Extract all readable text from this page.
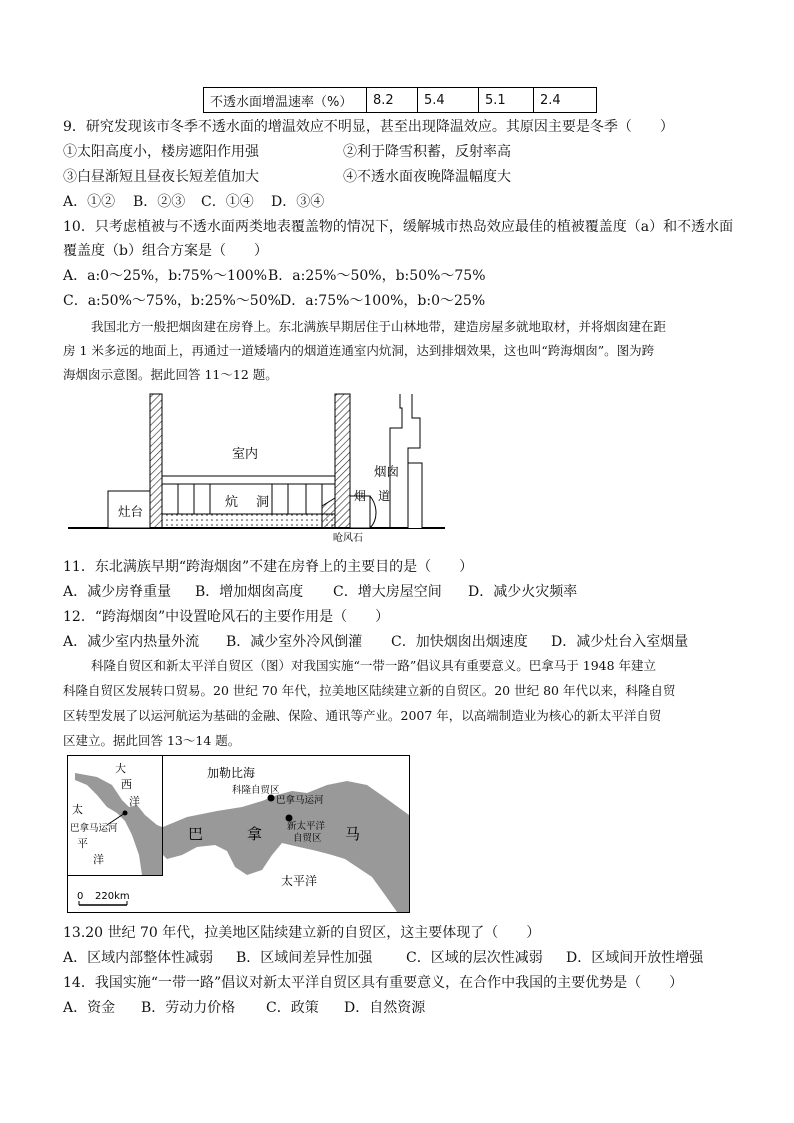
不透水面增温速率（%）	8.2	5.4	5.1	2.4
9．研究发现该市冬季不透水面的增温效应不明显，甚至出现降温效应。其原因主要是冬季（　　）
①太阳高度小，楼房遮阳作用强	②利于降雪积蓄，反射率高
③白昼渐短且昼夜长短差值加大	④不透水面夜晚降温幅度大
A．①② B．②③ C．①④ D．③④
10．只考虑植被与不透水面两类地表覆盖物的情况下，缓解城市热岛效应最佳的植被覆盖度（a）和不透水面
覆盖度（b）组合方案是（　　）
A．a:0～25%，b:75%～100%B．a:25%～50%，b:50%～75%
C．a:50%～75%，b:25%～50%D．a:75%～100%，b:0～25%
我国北方一般把烟囱建在房脊上。东北满族早期居住于山林地带，建造房屋多就地取材，并将烟囱建在距
房 1 米多远的地面上，再通过一道矮墙内的烟道连通室内炕洞，达到排烟效果，这也叫“跨海烟囱”。图为跨
海烟囱示意图。据此回答 11～12 题。
室内
炕 洞
灶台
烟 道
烟囱
呛风石
11．东北满族早期“跨海烟囱”不建在房脊上的主要目的是（　　）
A．减少房脊重量 B．增加烟囱高度 C．增大房屋空间 D．减少火灾频率
12．“跨海烟囱”中设置呛风石的主要作用是（　　）
A．减少室内热量外流 B．减少室外冷风倒灌 C．加快烟囱出烟速度 D．减少灶台入室烟量
科隆自贸区和新太平洋自贸区（图）对我国实施“一带一路”倡议具有重要意义。巴拿马于 1948 年建立
科隆自贸区发展转口贸易。20 世纪 70 年代，拉美地区陆续建立新的自贸区。20 世纪 80 年代以来，科隆自贸
区转型发展了以运河航运为基础的金融、保险、通讯等产业。2007 年，以高端制造业为核心的新太平洋自贸
区建立。据此回答 13～14 题。
大
西
洋
太
巴拿马运河
平
洋
加勒比海
科隆自贸区
巴拿马运河
新太平洋
自贸区
巴	拿	马
太平洋
0 220km
13.20 世纪 70 年代，拉美地区陆续建立新的自贸区，这主要体现了（　　）
A．区域内部整体性减弱 B．区域间差异性加强 C．区域的层次性减弱 D．区域间开放性增强
14．我国实施“一带一路”倡议对新太平洋自贸区具有重要意义，在合作中我国的主要优势是（　　）
A．资金 B．劳动力价格 C．政策 D．自然资源
